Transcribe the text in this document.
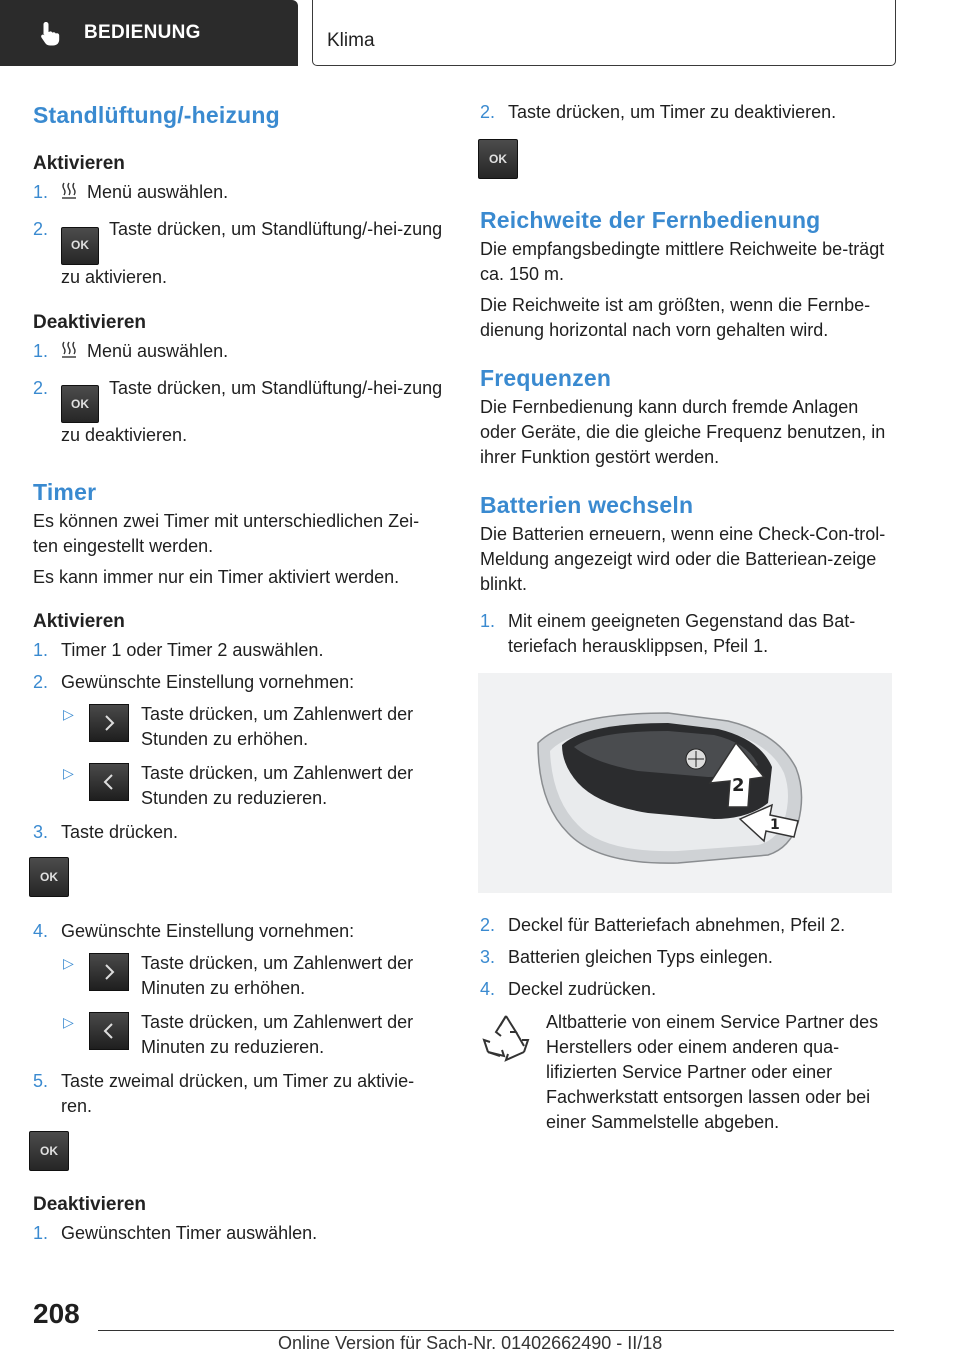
BEDIENUNG	Klima
Standlüftung/-heizung
Aktivieren
1. Menü auswählen.
2.
OKTaste drücken, um Standlüftung/-hei‐zung zu aktivieren.
Deaktivieren
1. Menü auswählen.
2.
OKTaste drücken, um Standlüftung/-hei‐zung zu deaktivieren.
Timer

Es können zwei Timer mit unterschiedlichen Zei‐ten eingestellt werden.

Es kann immer nur ein Timer aktiviert werden.

Aktivieren
1. Timer 1 oder Timer 2 auswählen.
2. Gewünschte Einstellung vornehmen:
▷	Taste drücken, um Zahlenwert der Stunden zu erhöhen.
▷	Taste drücken, um Zahlenwert der Stunden zu reduzieren.
3. Taste drücken.
OK
4. Gewünschte Einstellung vornehmen:
▷	Taste drücken, um Zahlenwert der Minuten zu erhöhen.
▷	Taste drücken, um Zahlenwert der Minuten zu reduzieren.
5. Taste zweimal drücken, um Timer zu aktivie‐ren.
OK
Deaktivieren
1. Gewünschten Timer auswählen.
2. Taste drücken, um Timer zu deaktivieren.
OK
Reichweite der Fernbedienung

Die empfangsbedingte mittlere Reichweite be‐trägt ca. 150 m.

Die Reichweite ist am größten, wenn die Fernbe‐dienung horizontal nach vorn gehalten wird.

Frequenzen

Die Fernbedienung kann durch fremde Anlagen oder Geräte, die die gleiche Frequenz benutzen, in ihrer Funktion gestört werden.

Batterien wechseln

Die Batterien erneuern, wenn eine Check-Con‐trol-Meldung angezeigt wird oder die Batteriean‐zeige blinkt.

1. Mit einem geeigneten Gegenstand das Bat‐teriefach herausklippsen, Pfeil 1.
2
1
2. Deckel für Batteriefach abnehmen, Pfeil 2.
3. Batterien gleichen Typs einlegen.
4. Deckel zudrücken.
Altbatterie von einem Service Partner des Herstellers oder einem anderen qua‐lifizierten Service Partner oder einer Fachwerkstatt entsorgen lassen oder bei einer Sammelstelle abgeben.
208
Online Version für Sach-Nr. 01402662490 - II/18
